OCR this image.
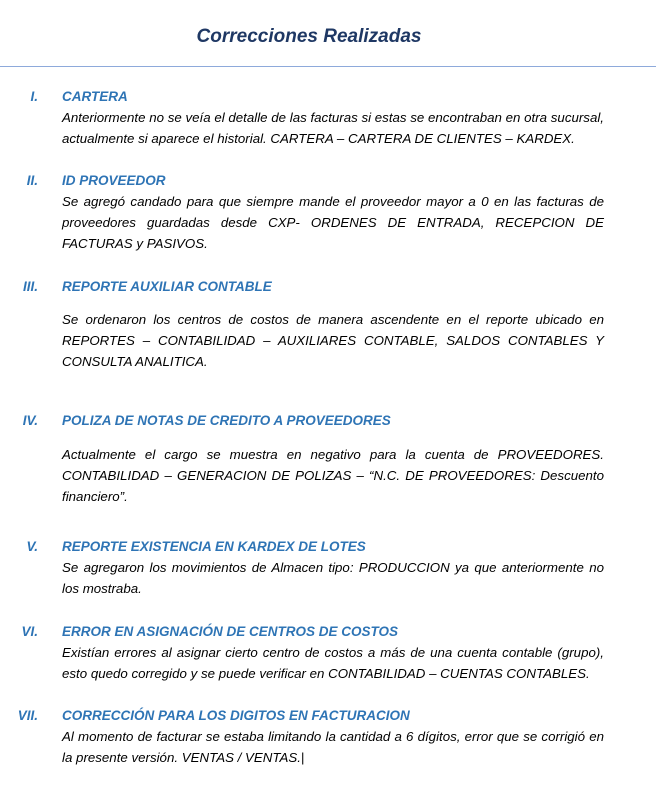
Correcciones Realizadas
I. CARTERA
Anteriormente no se veía el detalle de las facturas si estas se encontraban en otra sucursal, actualmente si aparece el historial. CARTERA – CARTERA DE CLIENTES – KARDEX.
II. ID PROVEEDOR
Se agregó candado para que siempre mande el proveedor mayor a 0 en las facturas de proveedores guardadas desde CXP- ORDENES DE ENTRADA, RECEPCION DE FACTURAS y PASIVOS.
III. REPORTE AUXILIAR CONTABLE
Se ordenaron los centros de costos de manera ascendente en el reporte ubicado en REPORTES – CONTABILIDAD – AUXILIARES CONTABLE, SALDOS CONTABLES Y CONSULTA ANALITICA.
IV. POLIZA DE NOTAS DE CREDITO A PROVEEDORES
Actualmente el cargo se muestra en negativo para la cuenta de PROVEEDORES. CONTABILIDAD – GENERACION DE POLIZAS – “N.C. DE PROVEEDORES: Descuento financiero”.
V. REPORTE EXISTENCIA EN KARDEX DE LOTES
Se agregaron los movimientos de Almacen tipo: PRODUCCION ya que anteriormente no los mostraba.
VI. ERROR EN ASIGNACIÓN DE CENTROS DE COSTOS
Existían errores al asignar cierto centro de costos a más de una cuenta contable (grupo), esto quedo corregido y se puede verificar en CONTABILIDAD – CUENTAS CONTABLES.
VII. CORRECCIÓN PARA LOS DIGITOS EN FACTURACION
Al momento de facturar se estaba limitando la cantidad a 6 dígitos, error que se corrigió en la presente versión. VENTAS / VENTAS.|
